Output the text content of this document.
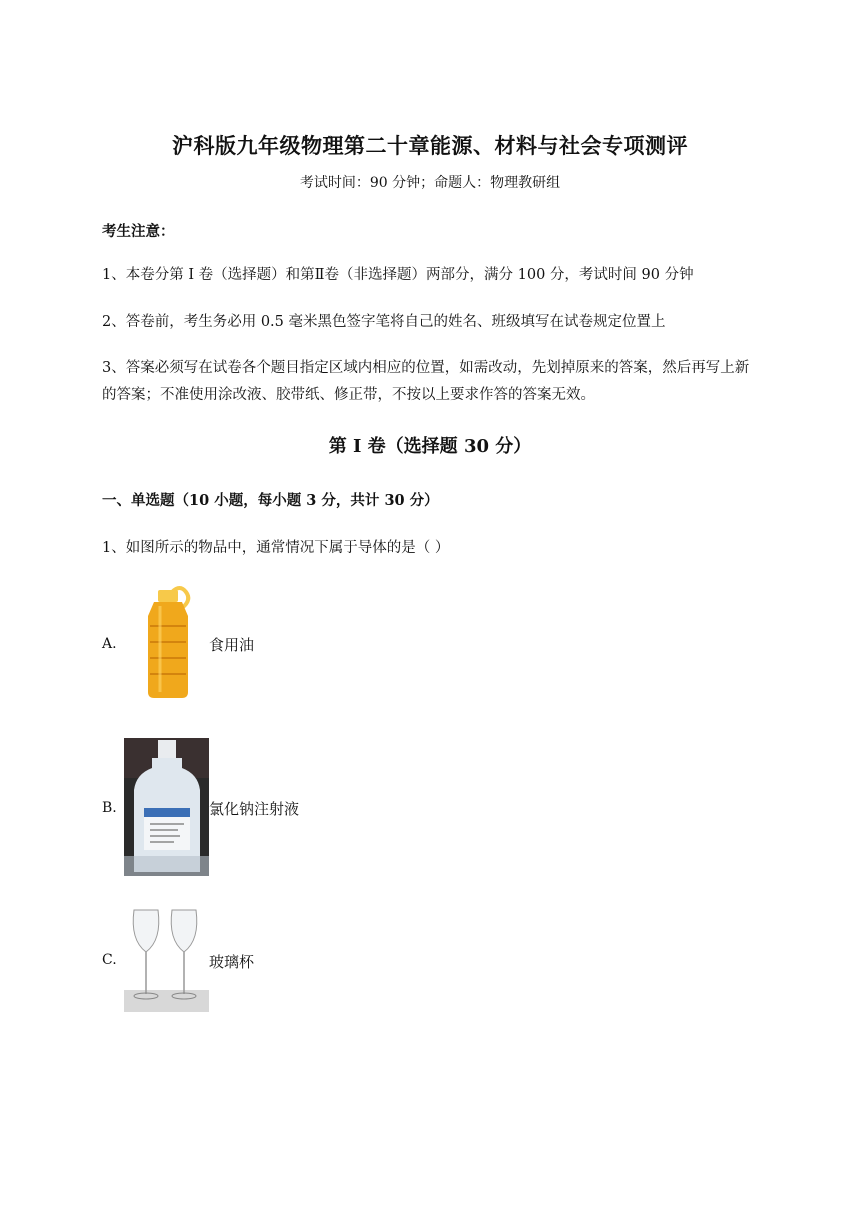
沪科版九年级物理第二十章能源、材料与社会专项测评
考试时间：90 分钟；命题人：物理教研组
考生注意：
1、本卷分第 I 卷（选择题）和第Ⅱ卷（非选择题）两部分，满分 100 分，考试时间 90 分钟
2、答卷前，考生务必用 0.5 毫米黑色签字笔将自己的姓名、班级填写在试卷规定位置上
3、答案必须写在试卷各个题目指定区域内相应的位置，如需改动，先划掉原来的答案，然后再写上新
的答案；不准使用涂改液、胶带纸、修正带，不按以上要求作答的答案无效。
第 I 卷（选择题 30 分）
一、单选题（10 小题，每小题 3 分，共计 30 分）
1、如图所示的物品中，通常情况下属于导体的是（ ）
A.	食用油
B.	氯化钠注射液
C.	玻璃杯
